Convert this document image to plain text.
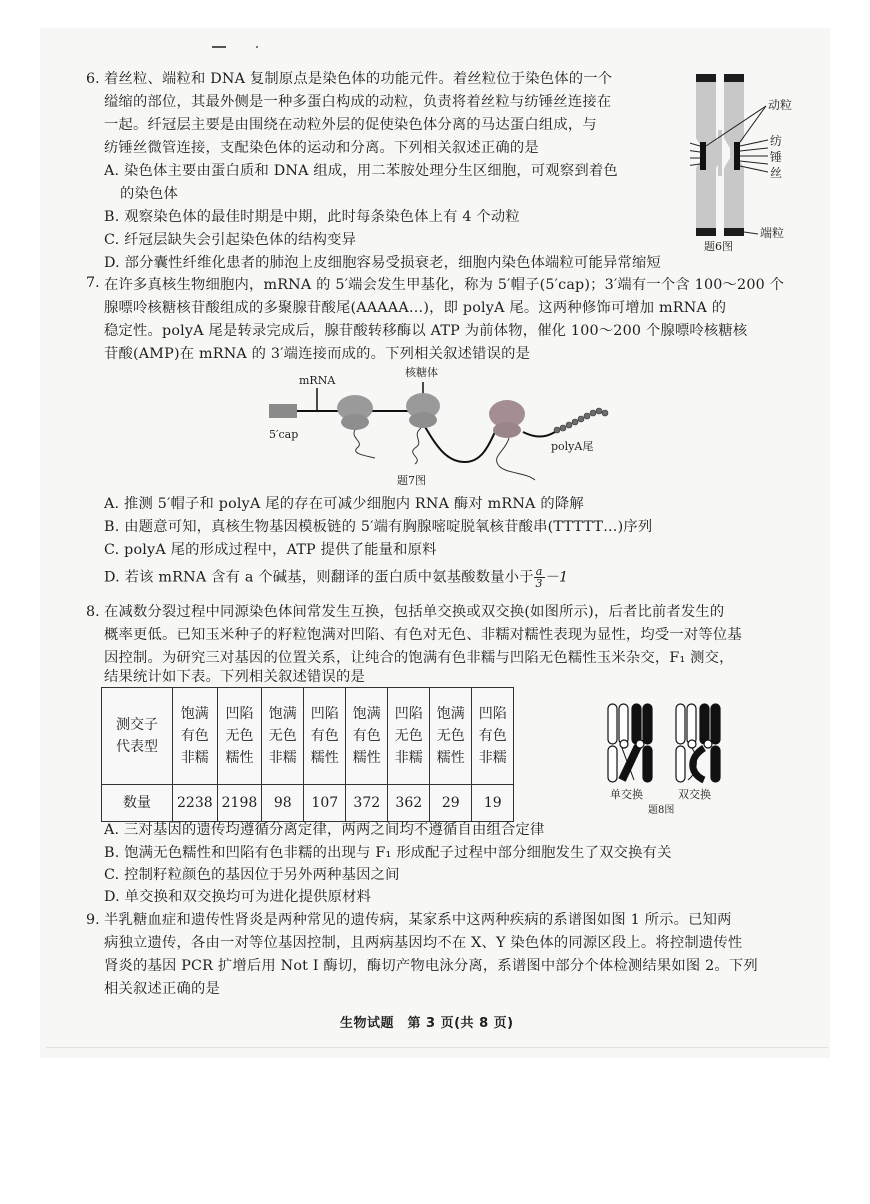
6. 着丝粒、端粒和 DNA 复制原点是染色体的功能元件。着丝粒位于染色体的一个
缢缩的部位，其最外侧是一种多蛋白构成的动粒，负责将着丝粒与纺锤丝连接在
一起。纤冠层主要是由围绕在动粒外层的促使染色体分离的马达蛋白组成，与
纺锤丝微管连接，支配染色体的运动和分离。下列相关叙述正确的是
A. 染色体主要由蛋白质和 DNA 组成，用二苯胺处理分生区细胞，可观察到着色
的染色体
B. 观察染色体的最佳时期是中期，此时每条染色体上有 4 个动粒
C. 纤冠层缺失会引起染色体的结构变异
D. 部分囊性纤维化患者的肺泡上皮细胞容易受损衰老，细胞内染色体端粒可能异常缩短
动粒
纺
锤
丝
端粒
题6图
7. 在许多真核生物细胞内，mRNA 的 5′端会发生甲基化，称为 5′帽子(5′cap)；3′端有一个含 100～200 个
腺嘌呤核糖核苷酸组成的多聚腺苷酸尾(AAAAA…)，即 polyA 尾。这两种修饰可增加 mRNA 的
稳定性。polyA 尾是转录完成后，腺苷酸转移酶以 ATP 为前体物，催化 100～200 个腺嘌呤核糖核
苷酸(AMP)在 mRNA 的 3′端连接而成的。下列相关叙述错误的是
mRNA
核糖体
5′cap
polyA尾
题7图
A. 推测 5′帽子和 polyA 尾的存在可减少细胞内 RNA 酶对 mRNA 的降解
B. 由题意可知，真核生物基因模板链的 5′端有胸腺嘧啶脱氧核苷酸串(TTTTT…)序列
C. polyA 尾的形成过程中，ATP 提供了能量和原料
D. 若该 mRNA 含有 a 个碱基，则翻译的蛋白质中氨基酸数量小于 $\frac{a}{3} -1$
8. 在减数分裂过程中同源染色体间常发生互换，包括单交换或双交换(如图所示)，后者比前者发生的
概率更低。已知玉米种子的籽粒饱满对凹陷、有色对无色、非糯对糯性表现为显性，均受一对等位基
因控制。为研究三对基因的位置关系，让纯合的饱满有色非糯与凹陷无色糯性玉米杂交，F₁ 测交，
结果统计如下表。下列相关叙述错误的是
测交子
代表型	饱满
有色
非糯	凹陷
无色
糯性	饱满
无色
非糯	凹陷
有色
糯性	饱满
有色
糯性	凹陷
无色
非糯	饱满
无色
糯性	凹陷
有色
非糯
数量	2238	2198	98	107	372	362	29	19
单交换	双交换
题8图
A. 三对基因的遗传均遵循分离定律，两两之间均不遵循自由组合定律
B. 饱满无色糯性和凹陷有色非糯的出现与 F₁ 形成配子过程中部分细胞发生了双交换有关
C. 控制籽粒颜色的基因位于另外两种基因之间
D. 单交换和双交换均可为进化提供原材料
9. 半乳糖血症和遗传性肾炎是两种常见的遗传病，某家系中这两种疾病的系谱图如图 1 所示。已知两
病独立遗传，各由一对等位基因控制，且两病基因均不在 X、Y 染色体的同源区段上。将控制遗传性
肾炎的基因 PCR 扩增后用 Not Ⅰ 酶切，酶切产物电泳分离，系谱图中部分个体检测结果如图 2。下列
相关叙述正确的是
生物试题　第 3 页(共 8 页)
